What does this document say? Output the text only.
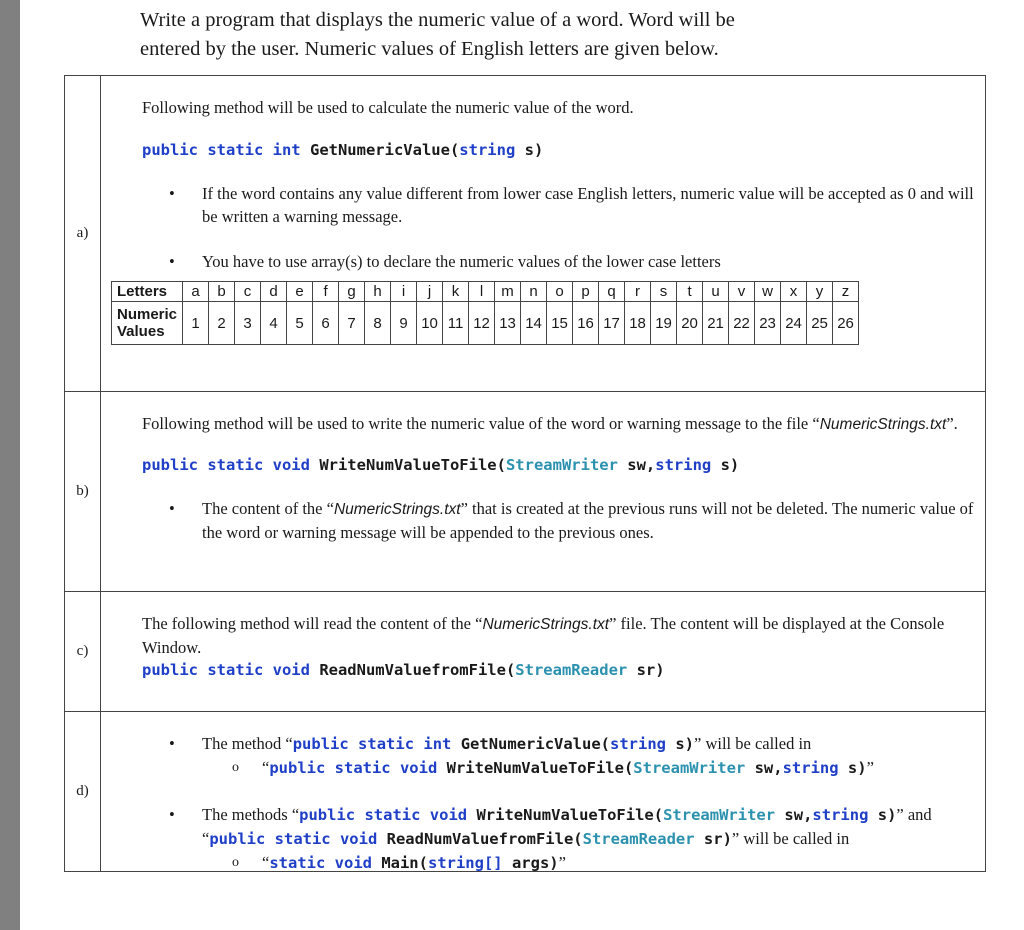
Write a program that displays the numeric value of a word. Word will be

entered by the user. Numeric values of English letters are given below.

a)

Following method will be used to calculate the numeric value of the word.

public static int GetNumericValue(string s)

• If the word contains any value different from lower case English letters, numeric value will be accepted as 0 and will be written a warning message.

• You have to use array(s) to declare the numeric values of the lower case letters

Letters	a	b	c	d	e	f	g	h	i	j	k	l	m	n	o	p	q	r	s	t	u	v	w	x	y	z
Numeric
Values	1	2	3	4	5	6	7	8	9	10	11	12	13	14	15	16	17	18	19	20	21	22	23	24	25	26
b)

Following method will be used to write the numeric value of the word or warning message to the file “NumericStrings.txt”.

public static void WriteNumValueToFile(StreamWriter sw,string s)

• The content of the “NumericStrings.txt” that is created at the previous runs will not be deleted. The numeric value of the word or warning message will be appended to the previous ones.

c)

The following method will read the content of the “NumericStrings.txt” file. The content will be displayed at the Console Window.

public static void ReadNumValuefromFile(StreamReader sr)

d)

• The method “public static int GetNumericValue(string s)” will be called in

o “public static void WriteNumValueToFile(StreamWriter sw,string s)”

• The methods “public static void WriteNumValueToFile(StreamWriter sw,string s)” and “public static void ReadNumValuefromFile(StreamReader sr)” will be called in

o “static void Main(string[] args)”
